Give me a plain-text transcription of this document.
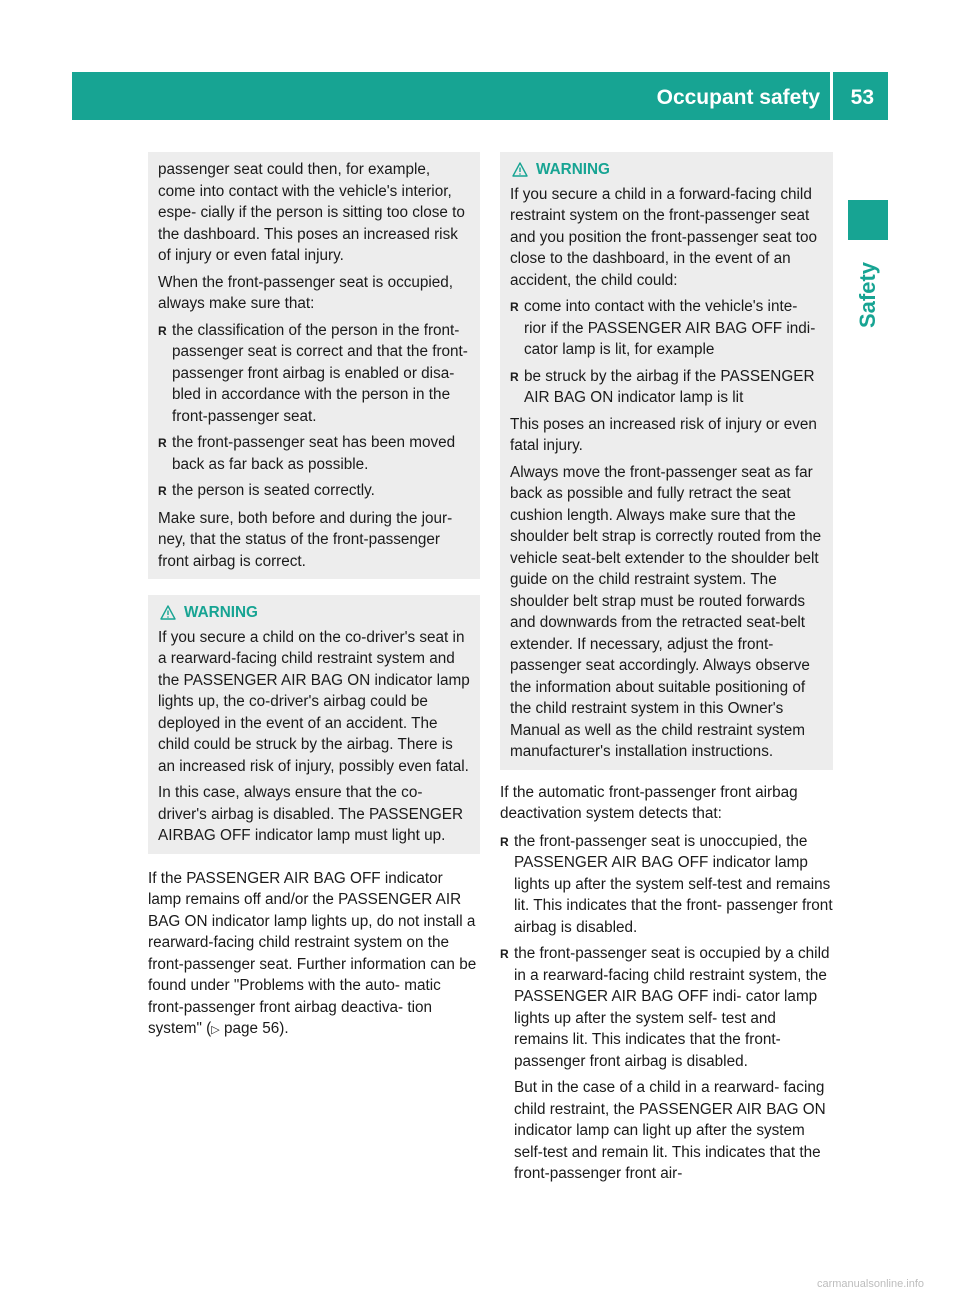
Occupant safety 53
Safety

passenger seat could then, for example, come into contact with the vehicle's interior, espe- cially if the person is sitting too close to the dashboard. This poses an increased risk of injury or even fatal injury.

When the front-passenger seat is occupied, always make sure that:

R the classification of the person in the front- passenger seat is correct and that the front- passenger front airbag is enabled or disa- bled in accordance with the person in the front-passenger seat.
R the front-passenger seat has been moved back as far back as possible.
R the person is seated correctly.

Make sure, both before and during the jour- ney, that the status of the front-passenger front airbag is correct.

WARNING

If you secure a child on the co-driver's seat in a rearward-facing child restraint system and the PASSENGER AIR BAG ON indicator lamp lights up, the co-driver's airbag could be deployed in the event of an accident. The child could be struck by the airbag. There is an increased risk of injury, possibly even fatal.

In this case, always ensure that the co-driver's airbag is disabled. The PASSENGER AIRBAG OFF indicator lamp must light up.

If the PASSENGER AIR BAG OFF indicator lamp remains off and/or the PASSENGER AIR BAG ON indicator lamp lights up, do not install a rearward-facing child restraint system on the front-passenger seat. Further information can be found under "Problems with the auto- matic front-passenger front airbag deactiva- tion system" (▷ page 56).

WARNING

If you secure a child in a forward-facing child restraint system on the front-passenger seat and you position the front-passenger seat too close to the dashboard, in the event of an accident, the child could:

R come into contact with the vehicle's inte- rior if the PASSENGER AIR BAG OFF indi- cator lamp is lit, for example
R be struck by the airbag if the PASSENGER AIR BAG ON indicator lamp is lit

This poses an increased risk of injury or even fatal injury.

Always move the front-passenger seat as far back as possible and fully retract the seat cushion length. Always make sure that the shoulder belt strap is correctly routed from the vehicle seat-belt extender to the shoulder belt guide on the child restraint system. The shoulder belt strap must be routed forwards and downwards from the retracted seat-belt extender. If necessary, adjust the front- passenger seat accordingly. Always observe the information about suitable positioning of the child restraint system in this Owner's Manual as well as the child restraint system manufacturer's installation instructions.

If the automatic front-passenger front airbag deactivation system detects that:

R the front-passenger seat is unoccupied, the PASSENGER AIR BAG OFF indicator lamp lights up after the system self-test and remains lit. This indicates that the front- passenger front airbag is disabled.
R the front-passenger seat is occupied by a child in a rearward-facing child restraint system, the PASSENGER AIR BAG OFF indi- cator lamp lights up after the system self- test and remains lit. This indicates that the front-passenger front airbag is disabled.

But in the case of a child in a rearward- facing child restraint, the PASSENGER AIR BAG ON indicator lamp can light up after the system self-test and remain lit. This indicates that the front-passenger front air-

carmanualsonline.info
